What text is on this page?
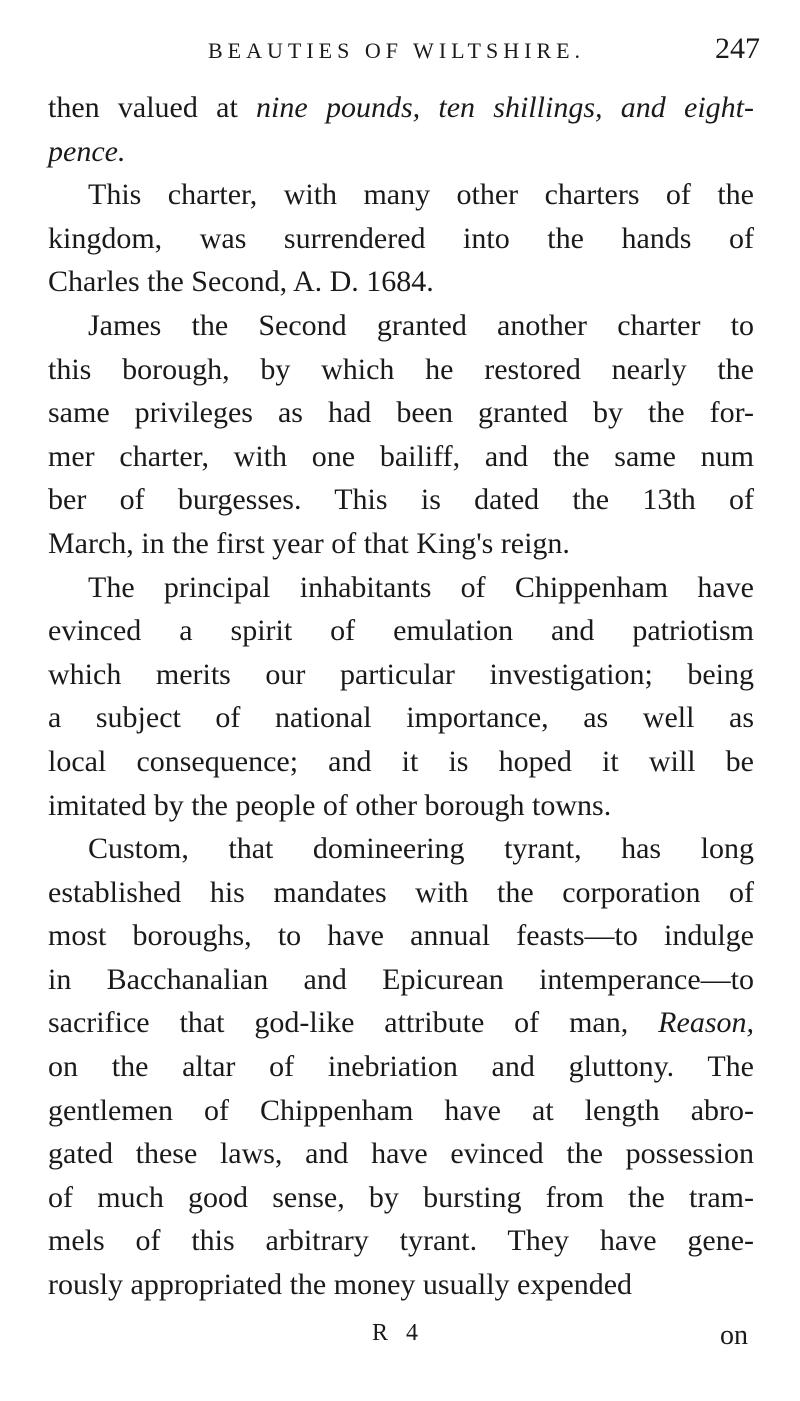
BEAUTIES OF WILTSHIRE.	247
then valued at nine pounds, ten shillings, and eight-
pence.
This charter, with many other charters of the
kingdom, was surrendered into the hands of
Charles the Second, A. D. 1684.
James the Second granted another charter to
this borough, by which he restored nearly the
same privileges as had been granted by the for-
mer charter, with one bailiff, and the same num
ber of burgesses. This is dated the 13th of
March, in the first year of that King's reign.
The principal inhabitants of Chippenham have
evinced a spirit of emulation and patriotism
which merits our particular investigation; being
a subject of national importance, as well as
local consequence; and it is hoped it will be
imitated by the people of other borough towns.
Custom, that domineering tyrant, has long
established his mandates with the corporation of
most boroughs, to have annual feasts—to indulge
in Bacchanalian and Epicurean intemperance—to
sacrifice that god-like attribute of man, Reason,
on the altar of inebriation and gluttony. The
gentlemen of Chippenham have at length abro-
gated these laws, and have evinced the possession
of much good sense, by bursting from the tram-
mels of this arbitrary tyrant. They have gene-
rously appropriated the money usually expended
R 4	on
